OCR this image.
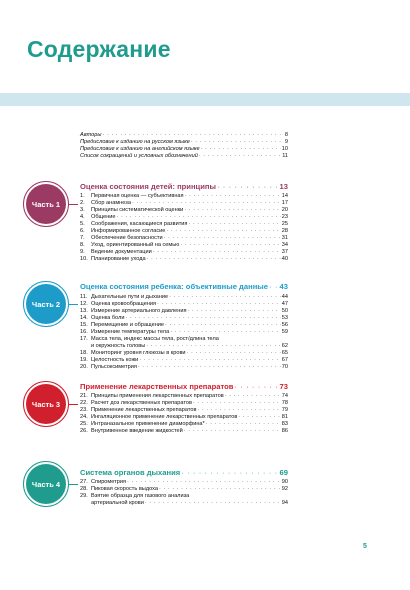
Содержание
Авторы · · ·	8
Предисловие к изданию на русском языке · · ·	9
Предисловие к изданию на английском языке · · ·	10
Список сокращений и условных обозначений · · ·	11
Часть 1
Оценка состояния детей: принципы · · ·	13
1. Первичная оценка — субъективная · · ·	14
2. Сбор анамнеза · · ·	17
3. Принципы систематической оценки · · ·	20
4. Общение · · ·	23
5. Соображения, касающиеся развития · · ·	25
6. Информированное согласие · · ·	28
7. Обеспечение безопасности · · ·	31
8. Уход, ориентированный на семью · · ·	34
9. Ведение документации · · ·	37
10. Планирование ухода · · ·	40
Часть 2
Оценка состояния ребенка: объективные данные · · · 43
11. Дыхательные пути и дыхание · · ·	44
12. Оценка кровообращения · · ·	47
13. Измерение артериального давления · · ·	50
14. Оценка боли · · ·	53
15. Перемещение и обращение · · ·	56
16. Измерение температуры тела · · ·	59
17. Масса тела, индекс массы тела, рост/длина тела
и окружность головы · · ·	62
18. Мониторинг уровня глюкозы в крови · · ·	65
19. Целостность кожи · · ·	67
20. Пульсоксиметрия · · ·	70
Часть 3
Применение лекарственных препаратов · · ·	73
21. Принципы применения лекарственных препаратов · · ·	74
22. Расчет доз лекарственных препаратов · · ·	78
23. Применение лекарственных препаратов · · ·	79
24. Ингаляционное применение лекарственных препаратов · · ·	81
25. Интраназальное применение диаморфина* · · ·	83
26. Внутривенное введение жидкостей · · ·	86
Часть 4
Система органов дыхания · · ·	69
27. Спирометрия · · ·	90
28. Пиковая скорость выдоха · · ·	92
29. Взятие образца для газового анализа
артериальной крови · · ·	94
5
